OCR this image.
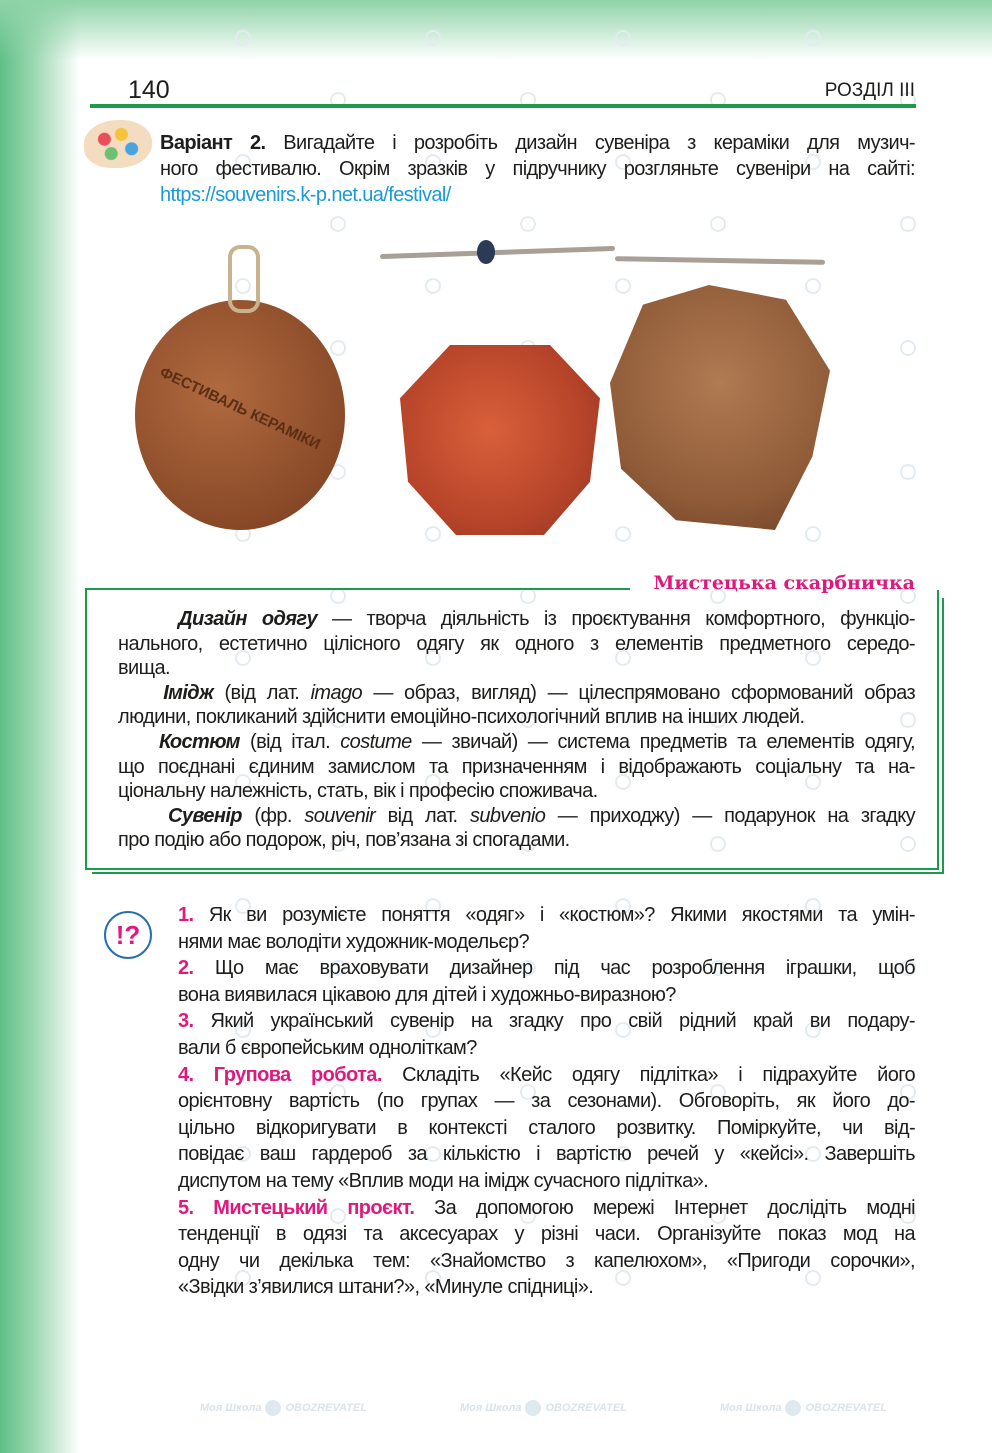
Моя Школа OBOZREVATEL	Моя Школа OBOZREVATEL	Моя Школа OBOZREVATEL
140	РОЗДІЛ III
Варіант 2. Вигадайте і розробіть дизайн сувеніра з кераміки для музич-
ного фестивалю. Окрім зразків у підручнику розгляньте сувеніри на сайті:
https://souvenirs.k-p.net.ua/festival/
ФЕСТИВАЛЬ КЕРАМІКИ
Мистецька скарбничка
Дизайн одягу — творча діяльність із проєктування комфортного, функціо-
нального, естетично цілісного одягу як одного з елементів предметного середо-
вища.
Імідж (від лат. imago — образ, вигляд) — цілеспрямовано сформований образ
людини, покликаний здійснити емоційно-психологічний вплив на інших людей.
Костюм (від італ. costume — звичай) — система предметів та елементів одягу,
що поєднані єдиним замислом та призначенням і відображають соціальну та на-
ціональну належність, стать, вік і професію споживача.
Сувенір (фр. souvenir від лат. subvenio — приходжу) — подарунок на згадку
про подію або подорож, річ, пов’язана зі спогадами.
!?
1. Як ви розумієте поняття «одяг» і «костюм»? Якими якостями та умін-
нями має володіти художник-модельєр?
2. Що має враховувати дизайнер під час розроблення іграшки, щоб
вона виявилася цікавою для дітей і художньо-виразною?
3. Який український сувенір на згадку про свій рідний край ви подару-
вали б європейським одноліткам?
4. Групова робота. Складіть «Кейс одягу підлітка» і підрахуйте його
орієнтовну вартість (по групах — за сезонами). Обговоріть, як його до-
цільно відкоригувати в контексті сталого розвитку. Поміркуйте, чи від-
повідає ваш гардероб за кількістю і вартістю речей у «кейсі». Завершіть
диспутом на тему «Вплив моди на імідж сучасного підлітка».
5. Мистецький проєкт. За допомогою мережі Інтернет дослідіть модні
тенденції в одязі та аксесуарах у різні часи. Організуйте показ мод на
одну чи декілька тем: «Знайомство з капелюхом», «Пригоди сорочки»,
«Звідки з’явилися штани?», «Минуле спідниці».
